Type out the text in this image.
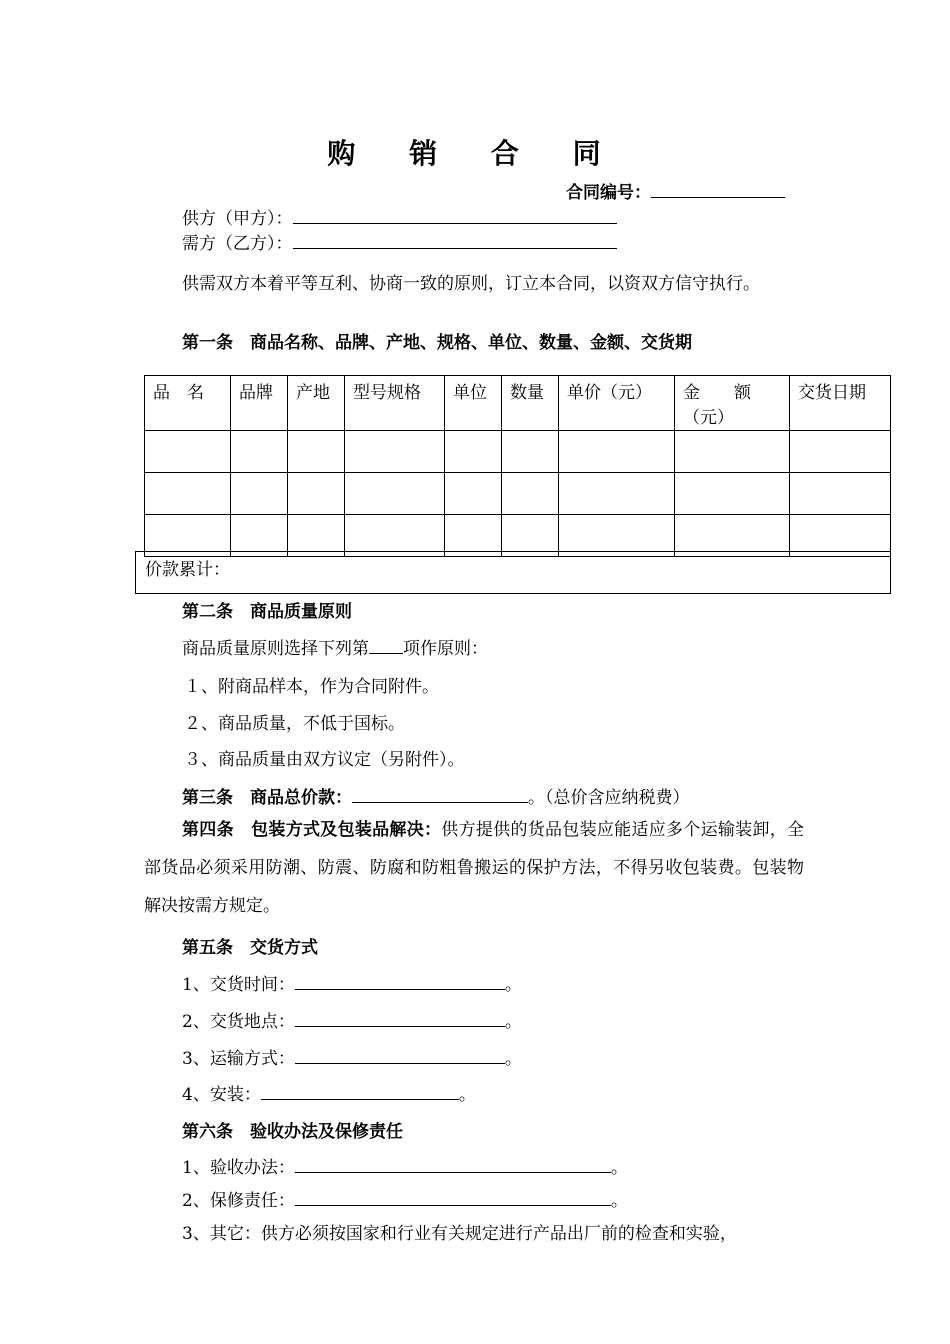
购 销 合 同
合同编号：
供方（甲方）：
需方（乙方）：
供需双方本着平等互利、协商一致的原则，订立本合同，以资双方信守执行。
第一条　商品名称、品牌、产地、规格、单位、数量、金额、交货期
品　名	品牌	产地	型号规格	单位	数量	单价（元）	金　　额（元）	交货日期

价款累计：
第二条　商品质量原则
商品质量原则选择下列第 项作原则：
１、附商品样本，作为合同附件。
２、商品质量，不低于国标。
３、商品质量由双方议定（另附件）。
第三条　商品总价款：	。（总价含应纳税费）
第四条　包装方式及包装品解决：供方提供的货品包装应能适应多个运输装卸，全部货品必须采用防潮、防震、防腐和防粗鲁搬运的保护方法，不得另收包装费。包装物解决按需方规定。
第五条　交货方式
1、交货时间：	。
2、交货地点：	。
3、运输方式：	。
4、安装：	。
第六条　验收办法及保修责任
1、验收办法：	。
2、保修责任：	。
3、其它：供方必须按国家和行业有关规定进行产品出厂前的检查和实验，
